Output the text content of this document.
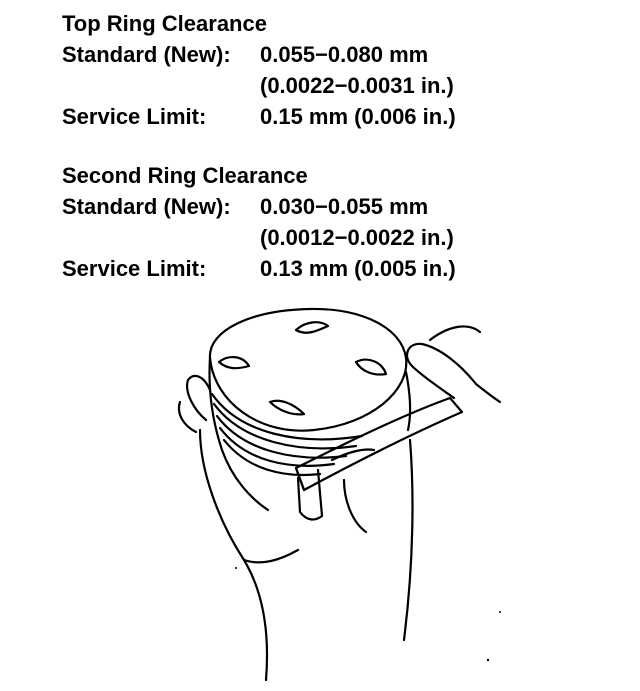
Top Ring Clearance
Standard (New): 0.055−0.080 mm
(0.0022−0.0031 in.)
Service Limit: 0.15 mm (0.006 in.)
Second Ring Clearance
Standard (New): 0.030−0.055 mm
(0.0012−0.0022 in.)
Service Limit: 0.13 mm (0.005 in.)
